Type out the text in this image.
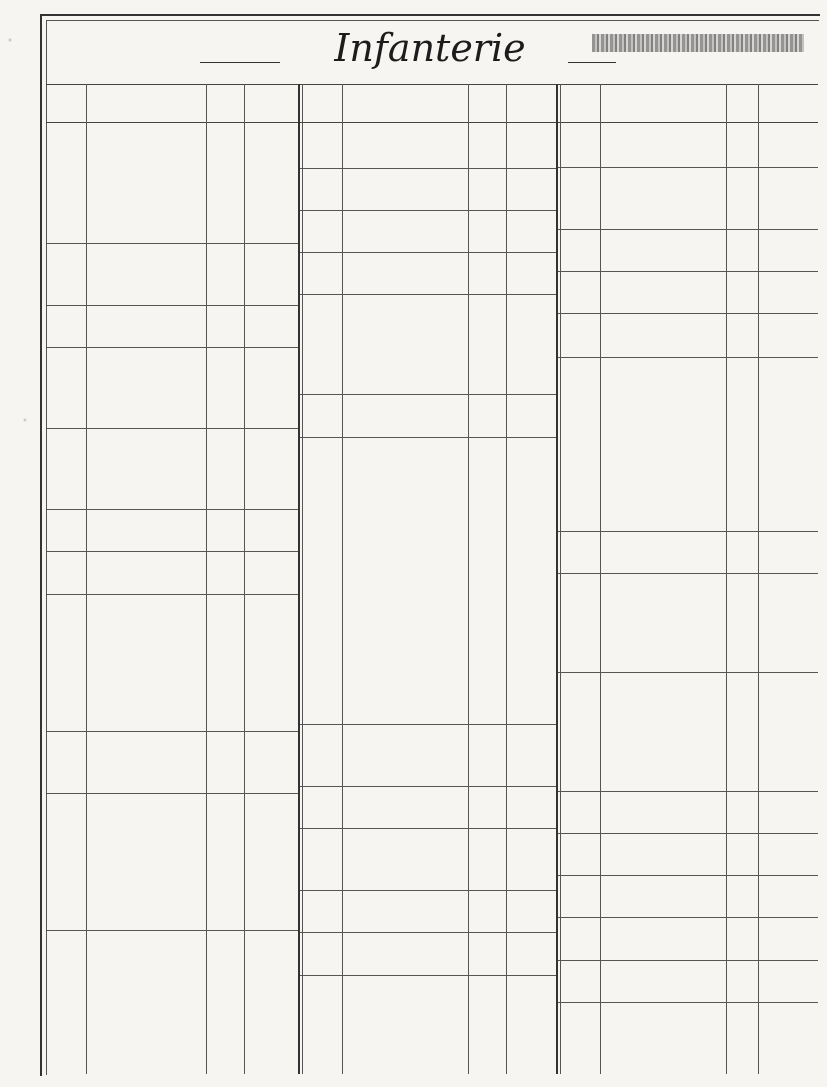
Infanterie
